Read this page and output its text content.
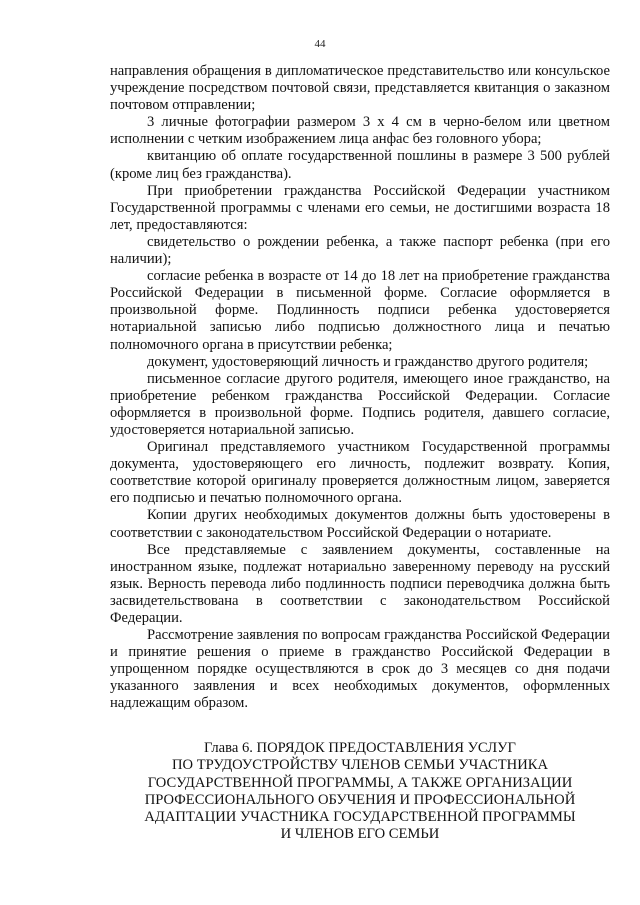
44

направления обращения в дипломатическое представительство или консульское учреждение посредством почтовой связи, представляется квитанция о заказном почтовом отправлении;

3 личные фотографии размером 3 х 4 см в черно-белом или цветном исполнении с четким изображением лица анфас без головного убора;

квитанцию об оплате государственной пошлины в размере 3 500 рублей (кроме лиц без гражданства).

При приобретении гражданства Российской Федерации участником Государственной программы с членами его семьи, не достигшими возраста 18 лет, предоставляются:

свидетельство о рождении ребенка, а также паспорт ребенка (при его наличии);

согласие ребенка в возрасте от 14 до 18 лет на приобретение гражданства Российской Федерации в письменной форме. Согласие оформляется в произвольной форме. Подлинность подписи ребенка удостоверяется нотариальной записью либо подписью должностного лица и печатью полномочного органа в присутствии ребенка;

документ, удостоверяющий личность и гражданство другого родителя;

письменное согласие другого родителя, имеющего иное гражданство, на приобретение ребенком гражданства Российской Федерации. Согласие оформляется в произвольной форме. Подпись родителя, давшего согласие, удостоверяется нотариальной записью.

Оригинал представляемого участником Государственной программы документа, удостоверяющего его личность, подлежит возврату. Копия, соответствие которой оригиналу проверяется должностным лицом, заверяется его подписью и печатью полномочного органа.

Копии других необходимых документов должны быть удостоверены в соответствии с законодательством Российской Федерации о нотариате.

Все представляемые с заявлением документы, составленные на иностранном языке, подлежат нотариально заверенному переводу на русский язык. Верность перевода либо подлинность подписи переводчика должна быть засвидетельствована в соответствии с законодательством Российской Федерации.

Рассмотрение заявления по вопросам гражданства Российской Федерации и принятие решения о приеме в гражданство Российской Федерации в упрощенном порядке осуществляются в срок до 3 месяцев со дня подачи указанного заявления и всех необходимых документов, оформленных надлежащим образом.

Глава 6. ПОРЯДОК ПРЕДОСТАВЛЕНИЯ УСЛУГ
ПО ТРУДОУСТРОЙСТВУ ЧЛЕНОВ СЕМЬИ УЧАСТНИКА
ГОСУДАРСТВЕННОЙ ПРОГРАММЫ, А ТАКЖЕ ОРГАНИЗАЦИИ
ПРОФЕССИОНАЛЬНОГО ОБУЧЕНИЯ И ПРОФЕССИОНАЛЬНОЙ
АДАПТАЦИИ УЧАСТНИКА ГОСУДАРСТВЕННОЙ ПРОГРАММЫ
И ЧЛЕНОВ ЕГО СЕМЬИ
